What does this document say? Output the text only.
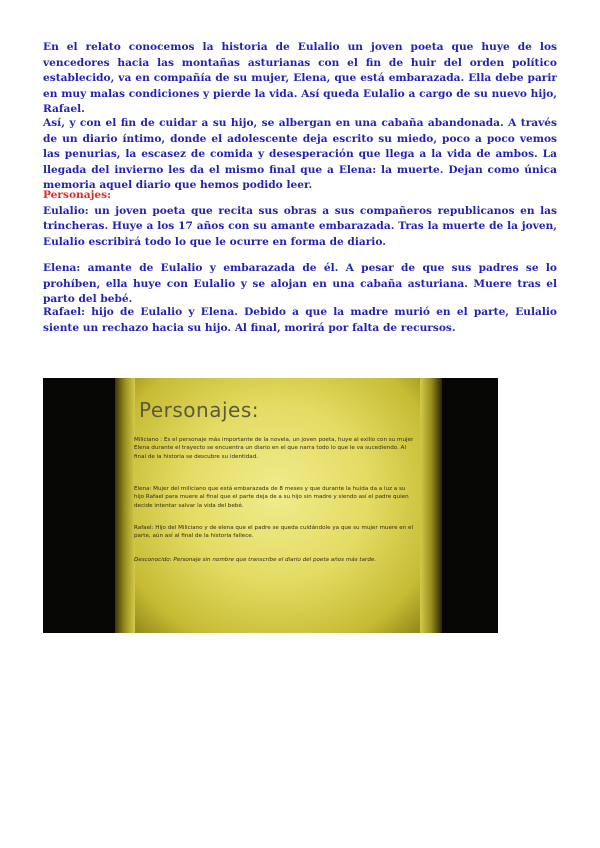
En el relato conocemos la historia de Eulalio un joven poeta que huye de los vencedores hacia las montañas asturianas con el fin de huir del orden político establecido, va en compañía de su mujer, Elena, que está embarazada. Ella debe parir en muy malas condiciones y pierde la vida. Así queda Eulalio a cargo de su nuevo hijo, Rafael.

Así, y con el fin de cuidar a su hijo, se albergan en una cabaña abandonada. A través de un diario íntimo, donde el adolescente deja escrito su miedo, poco a poco vemos las penurias, la escasez de comida y desesperación que llega a la vida de ambos. La llegada del invierno les da el mismo final que a Elena: la muerte. Dejan como única memoria aquel diario que hemos podido leer.

Personajes:

Eulalio: un joven poeta que recita sus obras a sus compañeros republicanos en las trincheras. Huye a los 17 años con su amante embarazada. Tras la muerte de la joven, Eulalio escribirá todo lo que le ocurre en forma de diario.

Elena: amante de Eulalio y embarazada de él. A pesar de que sus padres se lo prohíben, ella huye con Eulalio y se alojan en una cabaña asturiana. Muere tras el parto del bebé.

Rafael: hijo de Eulalio y Elena. Debido a que la madre murió en el parte, Eulalio siente un rechazo hacia su hijo. Al final, morirá por falta de recursos.

Personajes:
Miliciano : Es el personaje más importante de la novela, un joven poeta, huye al exilio con su mujer Elena durante el trayecto se encuentra un diario en el que narra todo lo que le va sucediendo. Al final de la historia se descubre su identidad.
Elena: Mujer del miliciano que está embarazada de 8 meses y que durante la huida da a luz a su hijo Rafael para muere al final que el parte deja de a su hijo sin madre y siendo así el padre quien decide intentar salvar la vida del bebé.
Rafael: Hijo del Miliciano y de elena que el padre se queda cuidándole ya que su mujer muere en el parte, aún así al final de la historia fallece.
Desconocido: Personaje sin nombre que transcribe el diario del poeta años más tarde.
